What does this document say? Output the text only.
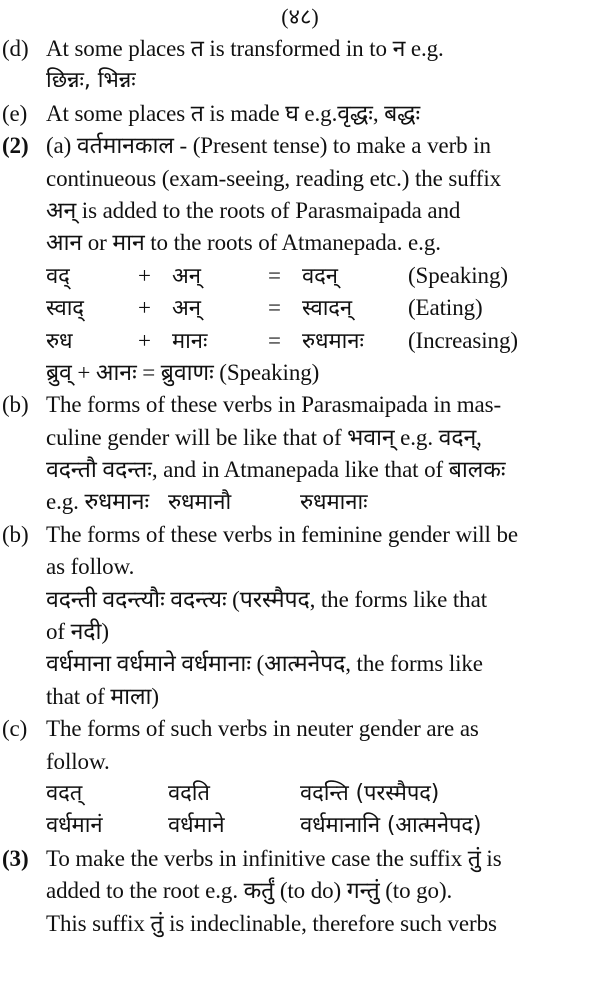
(४८)
(d) At some places त is transformed in to न e.g.
छिन्नः, भिन्नः
(e) At some places त is made घ e.g.वृद्धः, बद्धः
(2) (a) वर्तमानकाल - (Present tense) to make a verb in
continueous (exam-seeing, reading etc.) the suffix
अन् is added to the roots of Parasmaipada and
आन or मान to the roots of Atmanepada. e.g.
वद्	+ अन्	= वदन्	(Speaking)
स्वाद् + अन्	= स्वादन् (Eating)
रुध	+ मानः	= रुधमानः (Increasing)
ब्रुव् + आनः = ब्रुवाणः (Speaking)
(b) The forms of these verbs in Parasmaipada in mas-
culine gender will be like that of भवान् e.g. वदन्,
वदन्तौ वदन्तः, and in Atmanepada like that of बालकः
e.g. रुधमानः रुधमानौ	रुधमानाः
(b) The forms of these verbs in feminine gender will be
as follow.
वदन्ती वदन्त्यौः वदन्त्यः (परस्मैपद, the forms like that
of नदी)
वर्धमाना वर्धमाने वर्धमानाः (आत्मनेपद, the forms like
that of माला)
(c) The forms of such verbs in neuter gender are as
follow.
वदत्	वदति	वदन्ति (परस्मैपद)
वर्धमानं	वर्धमाने	वर्धमानानि (आत्मनेपद)
(3) To make the verbs in infinitive case the suffix तुं is
added to the root e.g. कर्तुं (to do) गन्तुं (to go).
This suffix तुं is indeclinable, therefore such verbs
